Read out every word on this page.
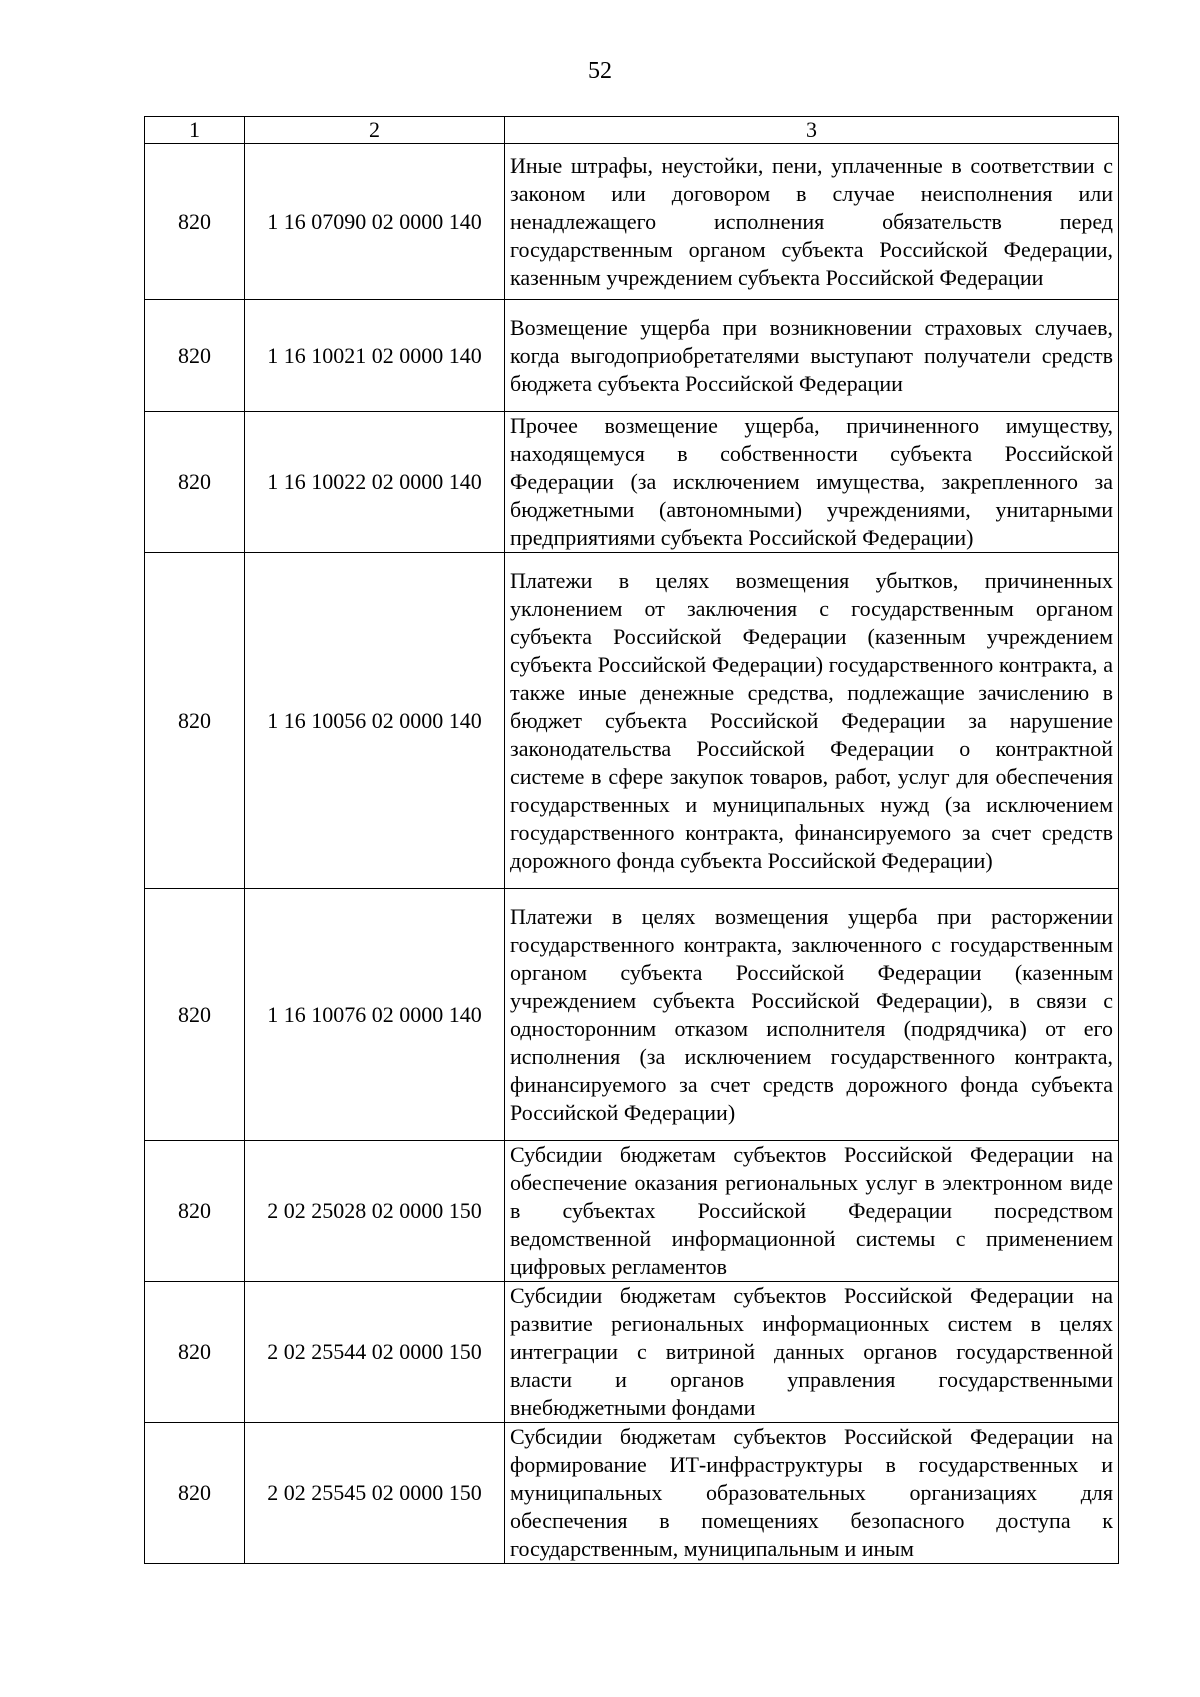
52
1	2	3
820	1 16 07090 02 0000 140	Иные штрафы, неустойки, пени, уплаченные в соответствии с законом или договором в случае неисполнения или ненадлежащего исполнения обязательств перед государственным органом субъекта Российской Федерации, казенным учреждением субъекта Российской Федерации
820	1 16 10021 02 0000 140	Возмещение ущерба при возникновении страховых случаев, когда выгодоприобретателями выступают получатели средств бюджета субъекта Российской Федерации
820	1 16 10022 02 0000 140	Прочее возмещение ущерба, причиненного имуществу, находящемуся в собственности субъекта Российской Федерации (за исключением имущества, закрепленного за бюджетными (автономными) учреждениями, унитарными предприятиями субъекта Российской Федерации)
820	1 16 10056 02 0000 140	Платежи в целях возмещения убытков, причиненных уклонением от заключения с государственным органом субъекта Российской Федерации (казенным учреждением субъекта Российской Федерации) государственного контракта, а также иные денежные средства, подлежащие зачислению в бюджет субъекта Российской Федерации за нарушение законодательства Российской Федерации о контрактной системе в сфере закупок товаров, работ, услуг для обеспечения государственных и муниципальных нужд (за исключением государственного контракта, финансируемого за счет средств дорожного фонда субъекта Российской Федерации)
820	1 16 10076 02 0000 140	Платежи в целях возмещения ущерба при расторжении государственного контракта, заключенного с государственным органом субъекта Российской Федерации (казенным учреждением субъекта Российской Федерации), в связи с односторонним отказом исполнителя (подрядчика) от его исполнения (за исключением государственного контракта, финансируемого за счет средств дорожного фонда субъекта Российской Федерации)
820	2 02 25028 02 0000 150	Субсидии бюджетам субъектов Российской Федерации на обеспечение оказания региональных услуг в электронном виде в субъектах Российской Федерации посредством ведомственной информационной системы с применением цифровых регламентов
820	2 02 25544 02 0000 150	Субсидии бюджетам субъектов Российской Федерации на развитие региональных информационных систем в целях интеграции с витриной данных органов государственной власти и органов управления государственными внебюджетными фондами
820	2 02 25545 02 0000 150	Субсидии бюджетам субъектов Российской Федерации на формирование ИТ-инфраструктуры в государственных и муниципальных образовательных организациях для обеспечения в помещениях безопасного доступа к государственным, муниципальным и иным
